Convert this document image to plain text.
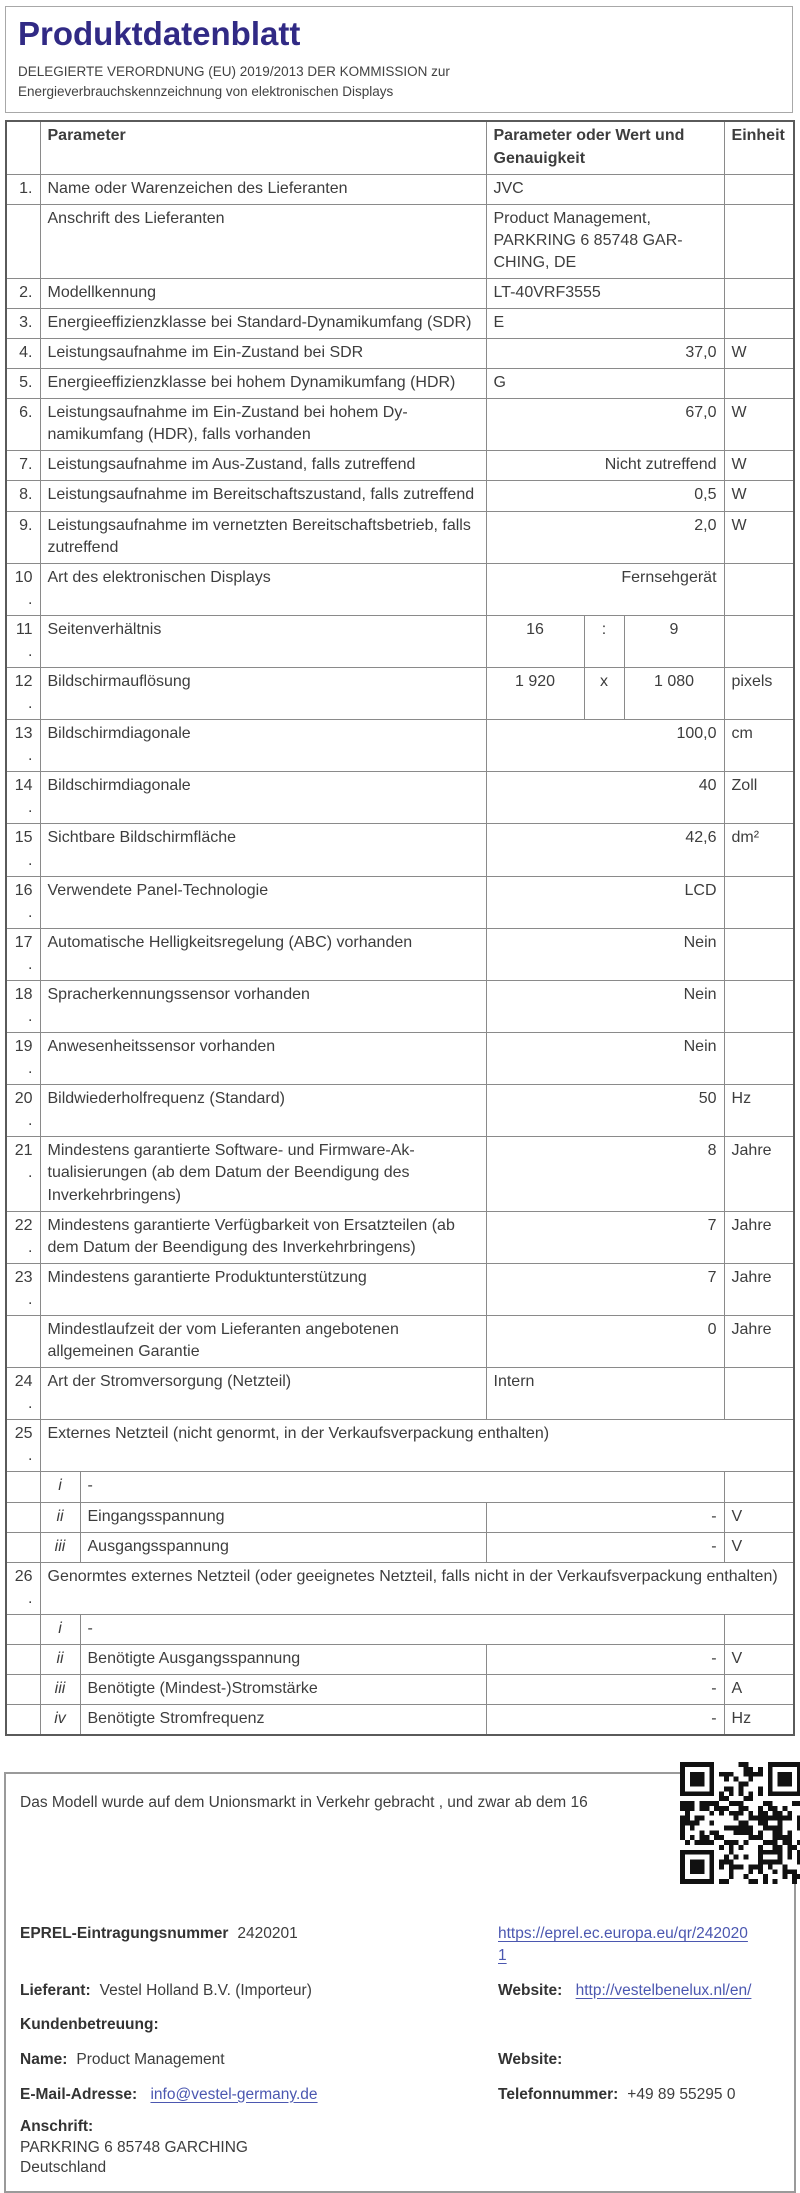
Produktdatenblatt

DELEGIERTE VERORDNUNG (EU) 2019/2013 DER KOMMISSION zur
Energieverbrauchskennzeichnung von elektronischen Displays

	Parameter		Parameter oder Wert und Genauigkeit			Einheit
1.	Name oder Warenzeichen des Lieferanten		JVC			
	Anschrift des Lieferanten		Product Management, PARKRING 6 85748 GARCHING, DE			
2.	Modellkennung		LT-40VRF3555			
3.	Energieeffizienzklasse bei Standard-Dynamikumfang (SDR)		E			
4.	Leistungsaufnahme im Ein-Zustand bei SDR		37,0			W
5.	Energieeffizienzklasse bei hohem Dynamikumfang (HDR)		G			
6.	Leistungsaufnahme im Ein-Zustand bei hohem Dynamikumfang (HDR), falls vorhanden		67,0			W
7.	Leistungsaufnahme im Aus-Zustand, falls zutreffend		Nicht zutreffend			W
8.	Leistungsaufnahme im Bereitschaftszustand, falls zutreffend		0,5			W
9.	Leistungsaufnahme im vernetzten Bereitschaftsbetrieb, falls zutreffend		2,0			W
10.	Art des elektronischen Displays		Fernsehgerät			
11.	Seitenverhältnis		16	:	9	
12.	Bildschirmauflösung		1 920	x	1 080	pixels
13.	Bildschirmdiagonale		100,0			cm
14.	Bildschirmdiagonale		40			Zoll
15.	Sichtbare Bildschirmfläche		42,6			dm²
16.	Verwendete Panel-Technologie		LCD			
17.	Automatische Helligkeitsregelung (ABC) vorhanden		Nein			
18.	Spracherkennungssensor vorhanden		Nein			
19.	Anwesenheitssensor vorhanden		Nein			
20.	Bildwiederholfrequenz (Standard)		50			Hz
21.	Mindestens garantierte Software- und Firmware-Aktualisierungen (ab dem Datum der Beendigung des Inverkehrbringens)		8			Jahre
22.	Mindestens garantierte Verfügbarkeit von Ersatzteilen (ab dem Datum der Beendigung des Inverkehrbringens)		7			Jahre
23.	Mindestens garantierte Produktunterstützung		7			Jahre
	Mindestlaufzeit der vom Lieferanten angebotenen allgemeinen Garantie		0			Jahre
24.	Art der Stromversorgung (Netzteil)		Intern			
25.	Externes Netzteil (nicht genormt, in der Verkaufsverpackung enthalten)					
	i	-				
	ii	Eingangsspannung	-			V
	iii	Ausgangsspannung	-			V
26.	Genormtes externes Netzteil (oder geeignetes Netzteil, falls nicht in der Verkaufsverpackung enthalten)					
	i	-				
	ii	Benötigte Ausgangsspannung	-			V
	iii	Benötigte (Mindest-)Stromstärke	-			A
	iv	Benötigte Stromfrequenz	-			Hz

Das Modell wurde auf dem Unionsmarkt in Verkehr gebracht , und zwar ab dem 16

EPREL-Eintragungsnummer 2420201	https://eprel.ec.europa.eu/qr/2420201
Lieferant: Vestel Holland B.V. (Importeur)	Website: http://vestelbenelux.nl/en/
Kundenbetreuung:
Name: Product Management	Website:
E-Mail-Adresse: info@vestel-germany.de	Telefonnummer: +49 89 55295 0

Anschrift:

PARKRING 6 85748 GARCHING

Deutschland
